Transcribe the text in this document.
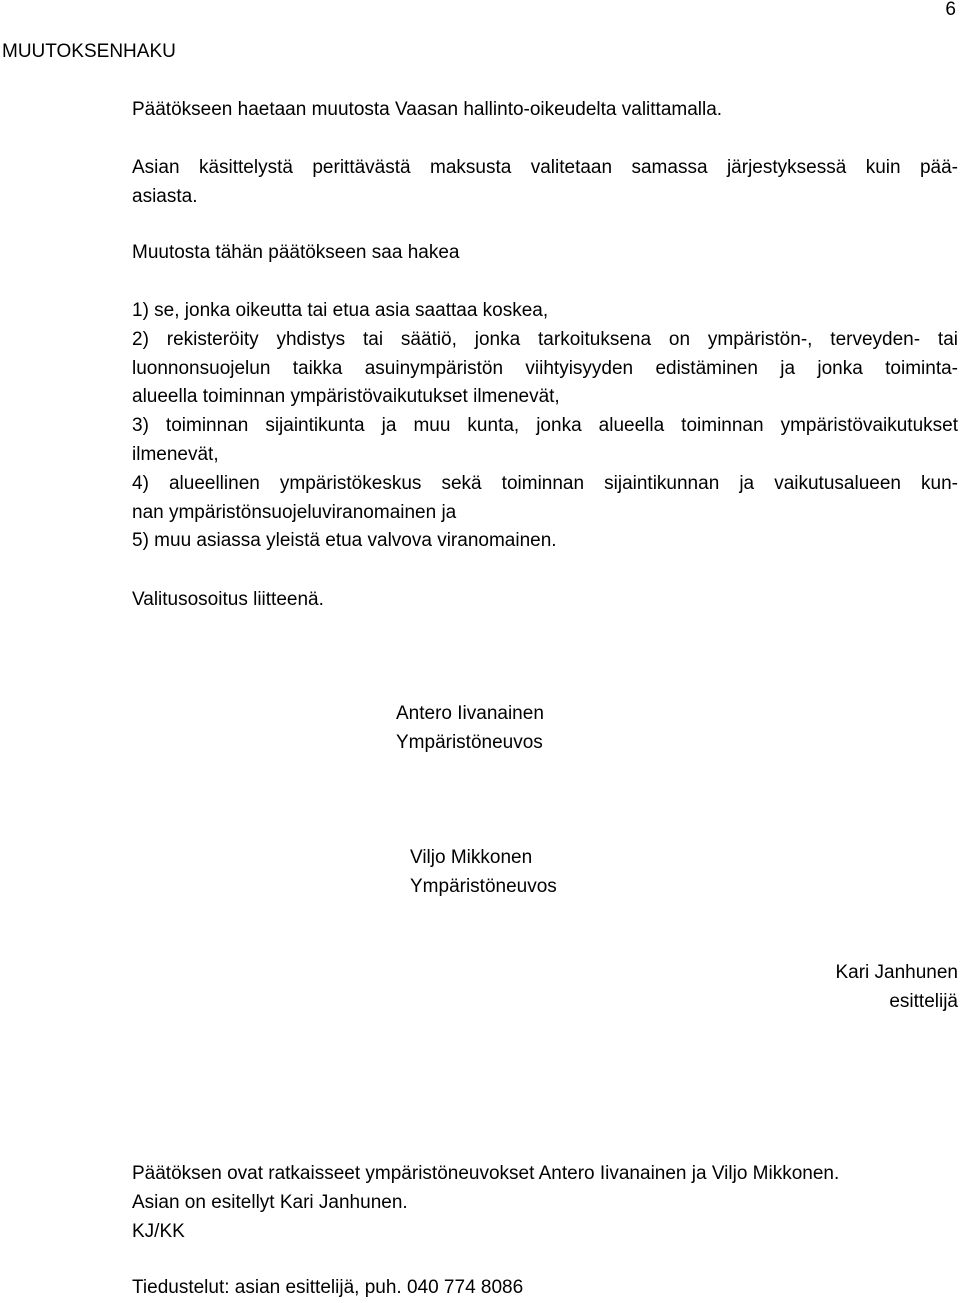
6
MUUTOKSENHAKU
Päätökseen haetaan muutosta Vaasan hallinto-oikeudelta valittamalla.
Asian käsittelystä perittävästä maksusta valitetaan samassa järjestyksessä kuin pää-
asiasta.
Muutosta tähän päätökseen saa hakea
1) se, jonka oikeutta tai etua asia saattaa koskea,
2) rekisteröity yhdistys tai säätiö, jonka tarkoituksena on ympäristön-, terveyden- tai
luonnonsuojelun taikka asuinympäristön viihtyisyyden edistäminen ja jonka toiminta-
alueella toiminnan ympäristövaikutukset ilmenevät,
3) toiminnan sijaintikunta ja muu kunta, jonka alueella toiminnan ympäristövaikutukset
ilmenevät,
4) alueellinen ympäristökeskus sekä toiminnan sijaintikunnan ja vaikutusalueen kun-
nan ympäristönsuojeluviranomainen ja
5) muu asiassa yleistä etua valvova viranomainen.
Valitusosoitus liitteenä.
Antero Iivanainen
Ympäristöneuvos
Viljo Mikkonen
Ympäristöneuvos
Kari Janhunen
esittelijä
Päätöksen ovat ratkaisseet ympäristöneuvokset Antero Iivanainen ja Viljo Mikkonen.
Asian on esitellyt Kari Janhunen.
KJ/KK
Tiedustelut: asian esittelijä, puh. 040 774 8086
